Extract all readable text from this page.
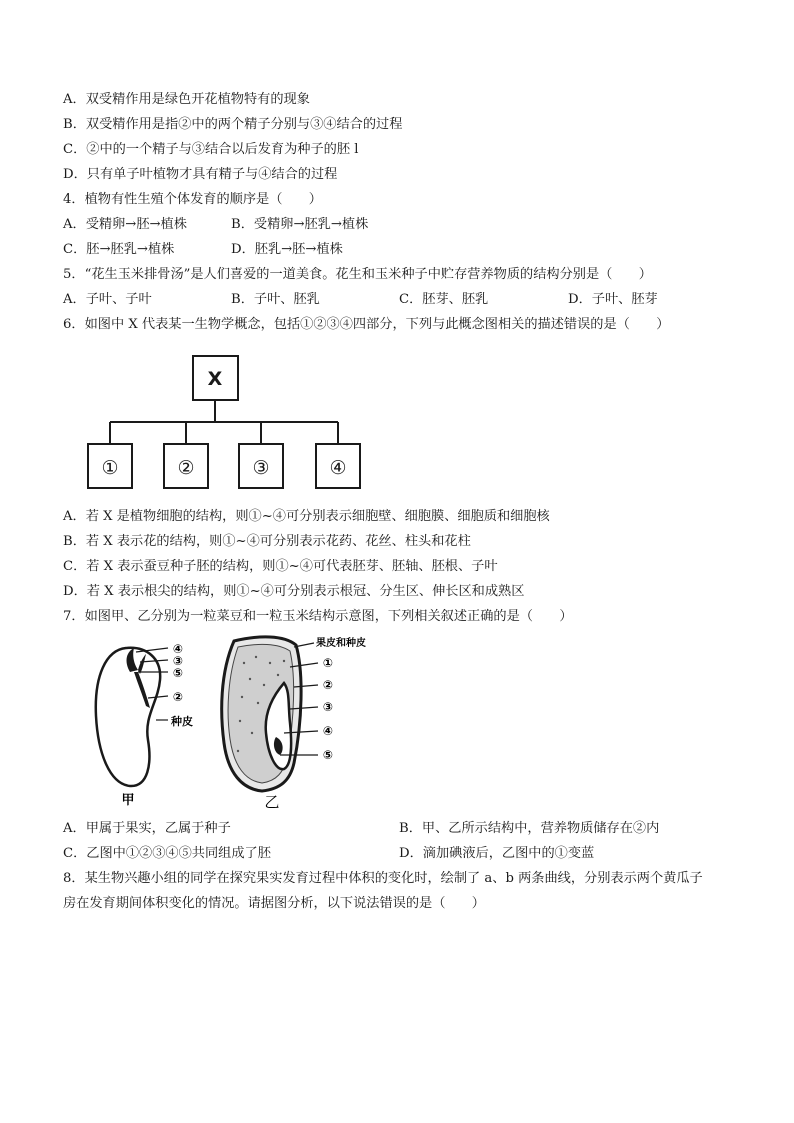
A．双受精作用是绿色开花植物特有的现象
B．双受精作用是指②中的两个精子分别与③④结合的过程
C．②中的一个精子与③结合以后发育为种子的胚 l
D．只有单子叶植物才具有精子与④结合的过程
4．植物有性生殖个体发育的顺序是（　　）
A．受精卵→胚→植株	B．受精卵→胚乳→植株
C．胚→胚乳→植株	D．胚乳→胚→植株
5．“花生玉米排骨汤”是人们喜爱的一道美食。花生和玉米种子中贮存营养物质的结构分别是（　　）
A．子叶、子叶	B．子叶、胚乳	C．胚芽、胚乳	D．子叶、胚芽
6．如图中 X 代表某一生物学概念，包括①②③④四部分，下列与此概念图相关的描述错误的是（　　）
X
①	②	③	④
A．若 X 是植物细胞的结构，则①~④可分别表示细胞壁、细胞膜、细胞质和细胞核
B．若 X 表示花的结构，则①~④可分别表示花药、花丝、柱头和花柱
C．若 X 表示蚕豆种子胚的结构，则①~④可代表胚芽、胚轴、胚根、子叶
D．若 X 表示根尖的结构，则①~④可分别表示根冠、分生区、伸长区和成熟区
7．如图甲、乙分别为一粒菜豆和一粒玉米结构示意图，下列相关叙述正确的是（　　）
④
③
⑤
②
种皮
甲
果皮和种皮
①
②
③
④
⑤
乙
A．甲属于果实，乙属于种子	B．甲、乙所示结构中，营养物质储存在②内
C．乙图中①②③④⑤共同组成了胚	D．滴加碘液后，乙图中的①变蓝
8．某生物兴趣小组的同学在探究果实发育过程中体积的变化时，绘制了 a、b 两条曲线，分别表示两个黄瓜子
房在发育期间体积变化的情况。请据图分析，以下说法错误的是（　　）
